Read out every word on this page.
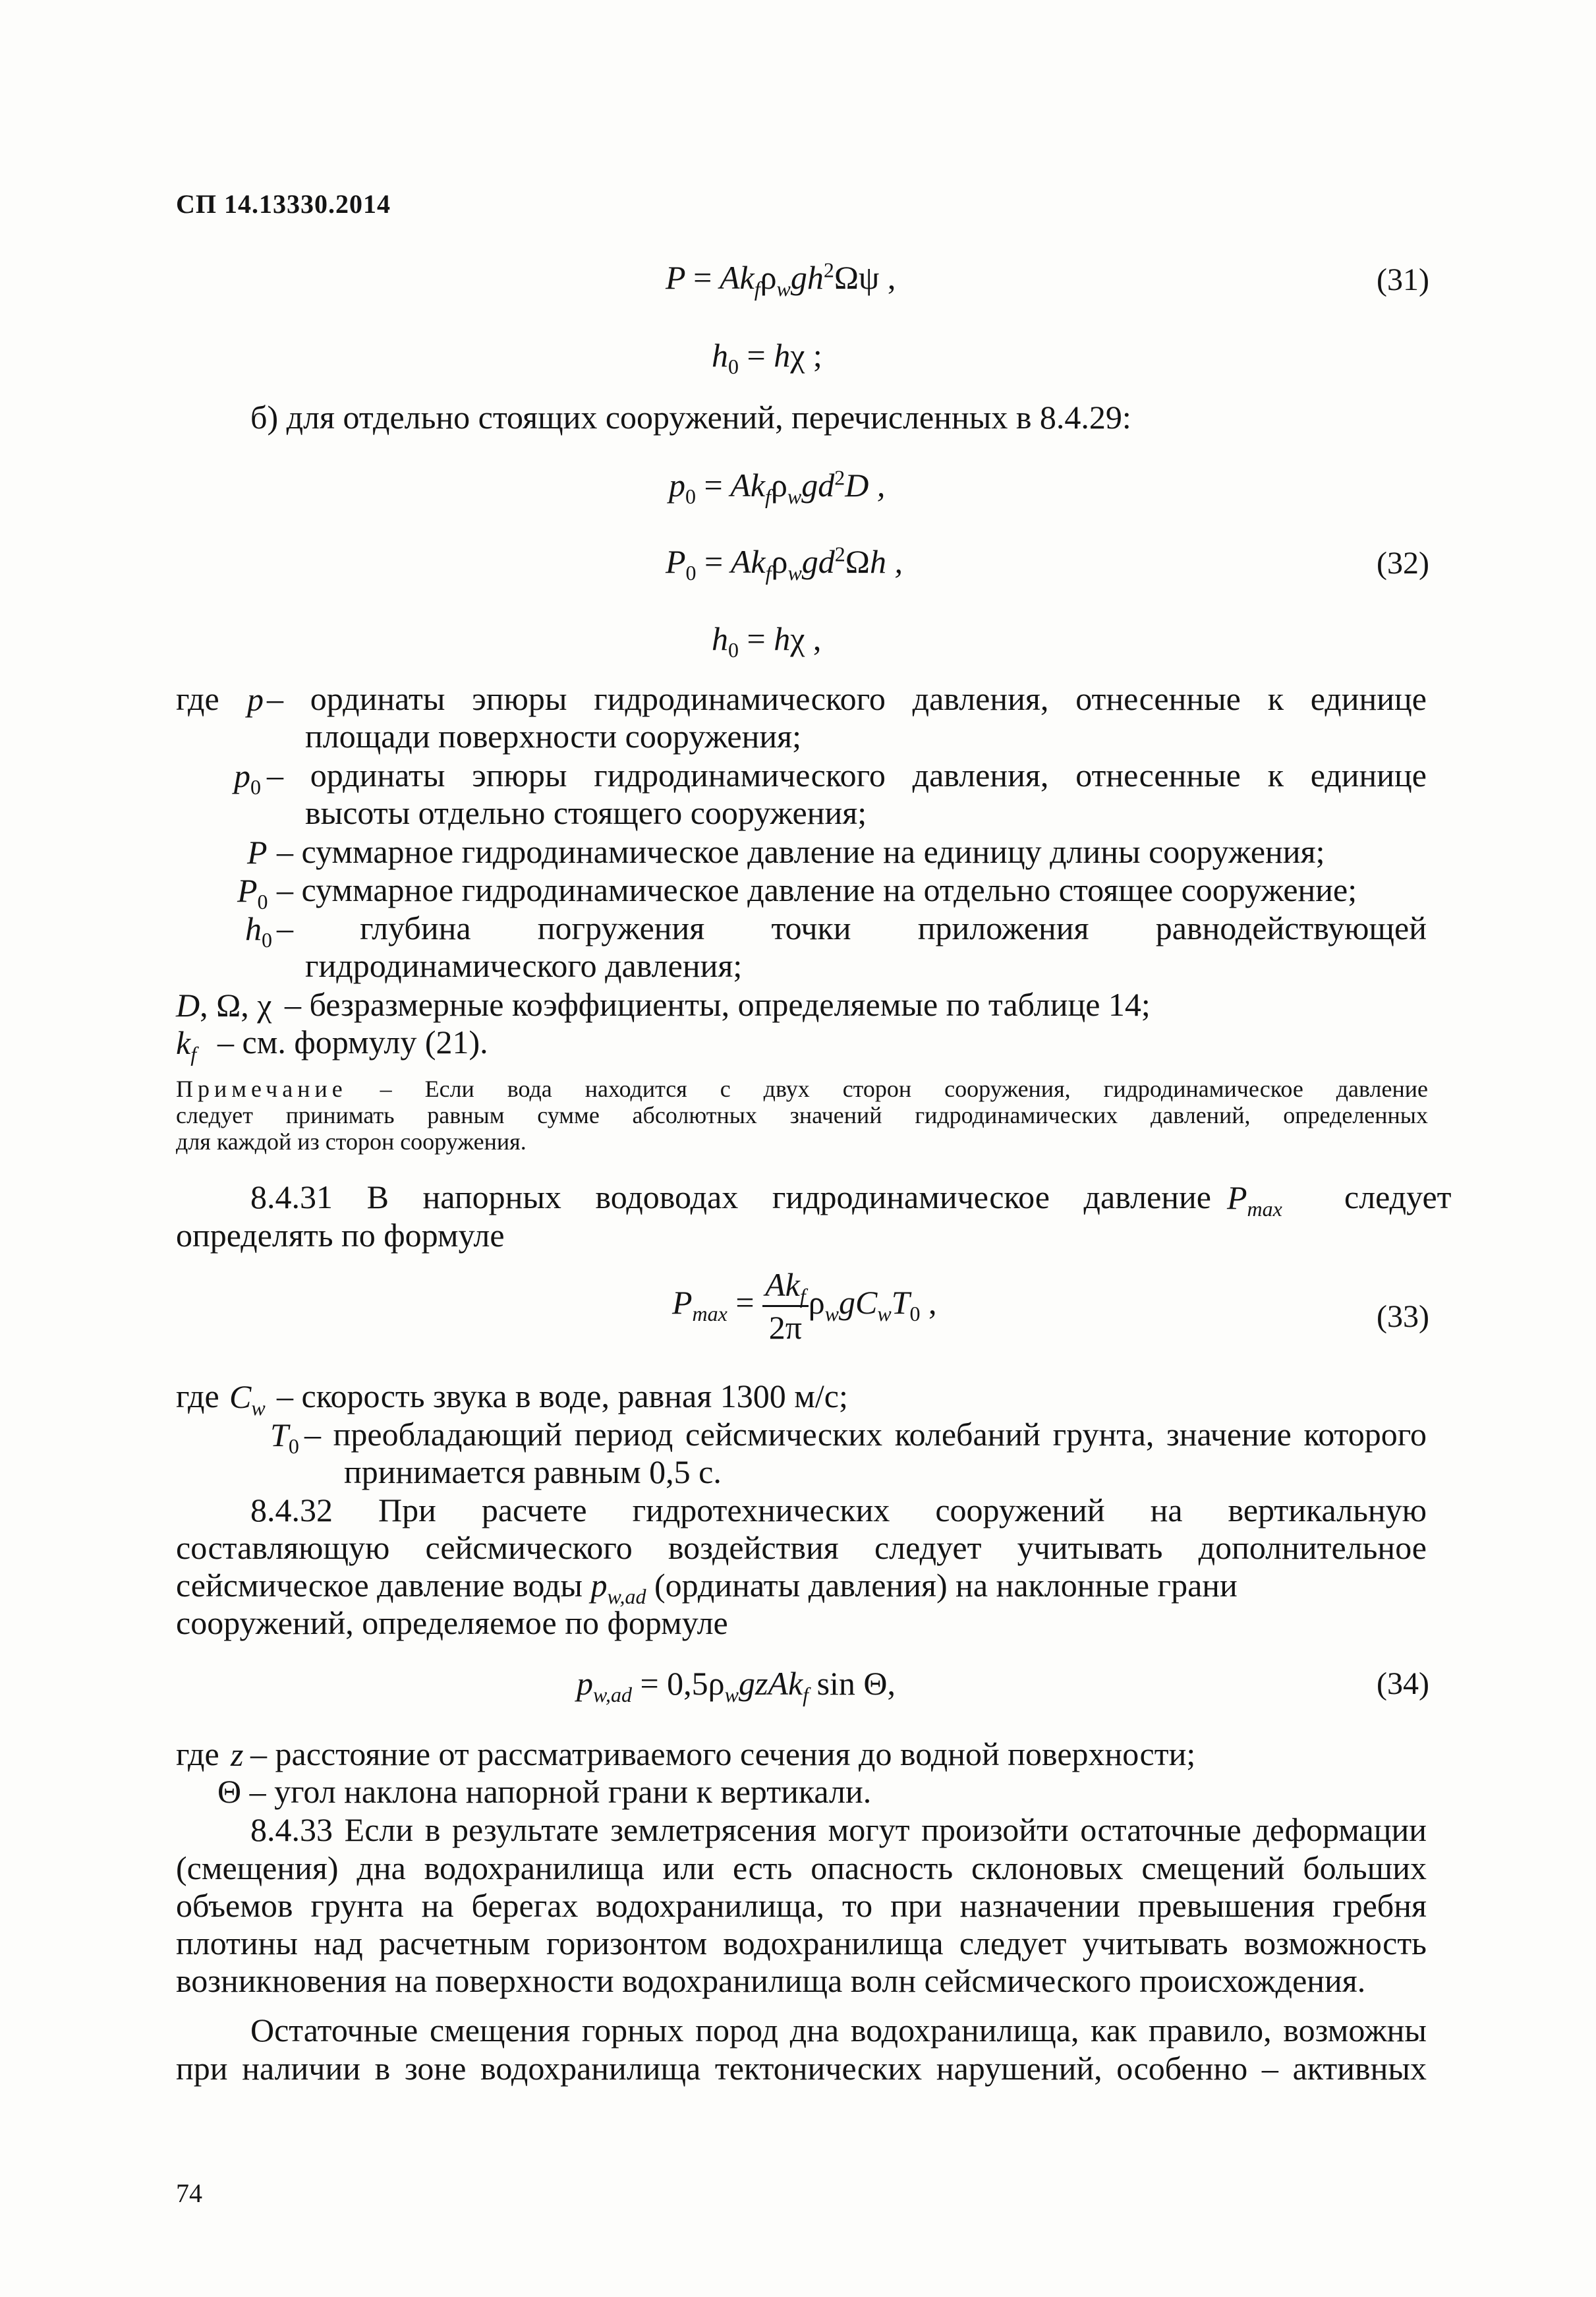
СП 14.13330.2014
$P = Ak_f\rho_wgh^2\Omega\psi$ ,	(31)
$h_0 = h\chi$ ;
б) для отдельно стоящих сооружений, перечисленных в 8.4.29:
$p_0 = Ak_f\rho_wgd^2D$ ,
$P_0 = Ak_f\rho_wgd^2\Omega h$ ,	(32)
$h_0 = h\chi$ ,
где p – ординаты эпюры гидродинамического давления, отнесенные к единице
площади поверхности сооружения;
$p_0$ – ординаты эпюры гидродинамического давления, отнесенные к единице
высоты отдельно стоящего сооружения;
P – суммарное гидродинамическое давление на единицу длины сооружения;
$P_0$ – суммарное гидродинамическое давление на отдельно стоящее сооружение;
$h_0$ – глубина погружения точки приложения равнодействующей
гидродинамического давления;
D, Ω, χ – безразмерные коэффициенты, определяемые по таблице 14;
$k_f$ – см. формулу (21).
Примечание – Если вода находится с двух сторон сооружения, гидродинамическое давление
следует принимать равным сумме абсолютных значений гидродинамических давлений, определенных
для каждой из сторон сооружения.
8.4.31 В напорных водоводах гидродинамическое давление $P_{max}$ следует
определять по формуле
$P_{max} = \frac{Ak_f}{2\pi} \rho_wgC_wT_0$ ,	(33)
где $C_w$ – скорость звука в воде, равная 1300 м/с;
$T_0$ – преобладающий период сейсмических колебаний грунта, значение которого
принимается равным 0,5 с.
8.4.32 При расчете гидротехнических сооружений на вертикальную
составляющую сейсмического воздействия следует учитывать дополнительное
сейсмическое давление воды $p_{w,ad}$ (ординаты давления) на наклонные грани
сооружений, определяемое по формуле
$p_{w,ad}$ = $0,5\rho_wgzAk_f$ sin Θ,	(34)
где z – расстояние от рассматриваемого сечения до водной поверхности;
Θ – угол наклона напорной грани к вертикали.
8.4.33 Если в результате землетрясения могут произойти остаточные деформации
(смещения) дна водохранилища или есть опасность склоновых смещений больших
объемов грунта на берегах водохранилища, то при назначении превышения гребня
плотины над расчетным горизонтом водохранилища следует учитывать возможность
возникновения на поверхности водохранилища волн сейсмического происхождения.
Остаточные смещения горных пород дна водохранилища, как правило, возможны
при наличии в зоне водохранилища тектонических нарушений, особенно – активных
74
